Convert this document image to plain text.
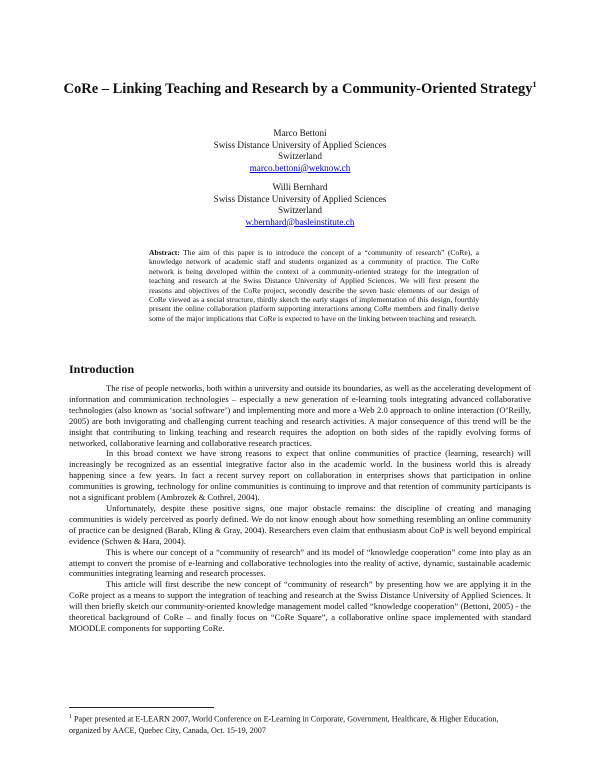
CoRe – Linking Teaching and Research by a Community-Oriented Strategy$^1$
Marco Bettoni
Swiss Distance University of Applied Sciences
Switzerland
marco.bettoni@weknow.ch
Willi Bernhard
Swiss Distance University of Applied Sciences
Switzerland
w.bernhard@basleinstitute.ch
Abstract: The aim of this paper is to introduce the concept of a “community of research” (CoRe), a knowledge network of academic staff and students organized as a community of practice. The CoRe network is being developed within the context of a community-oriented strategy for the integration of teaching and research at the Swiss Distance University of Applied Sciences. We will first present the reasons and objectives of the CoRe project, secondly describe the seven basic elements of our design of CoRe viewed as a social structure, thirdly sketch the early stages of implementation of this design, fourthly present the online collaboration platform supporting interactions among CoRe members and finally derive some of the major implications that CoRe is expected to have on the linking between teaching and research.
Introduction

The rise of people networks, both within a university and outside its boundaries, as well as the accelerating development of information and communication technologies – especially a new generation of e-learning tools integrating advanced collaborative technologies (also known as ‘social software’) and implementing more and more a Web 2.0 approach to online interaction (O’Reilly, 2005) are both invigorating and challenging current teaching and research activities. A major consequence of this trend will be the insight that contributing to linking teaching and research requires the adoption on both sides of the rapidly evolving forms of networked, collaborative learning and collaborative research practices.

In this broad context we have strong reasons to expect that online communities of practice (learning, research) will increasingly be recognized as an essential integrative factor also in the academic world. In the business world this is already happening since a few years. In fact a recent survey report on collaboration in enterprises shows that participation in online communities is growing, technology for online communities is continuing to improve and that retention of community participants is not a significant problem (Ambrozek & Cothrel, 2004).

Unfortunately, despite these positive signs, one major obstacle remains: the discipline of creating and managing communities is widely perceived as poorly defined. We do not know enough about how something resembling an online community of practice can be designed (Barab, Kling & Gray, 2004). Researchers even claim that enthusiasm about CoP is well beyond empirical evidence (Schwen & Hara, 2004).

This is where our concept of a “community of research” and its model of “knowledge cooperation” come into play as an attempt to convert the promise of e-learning and collaborative technologies into the reality of active, dynamic, sustainable academic communities integrating learning and research processes.

This article will first describe the new concept of “community of research” by presenting how we are applying it in the CoRe project as a means to support the integration of teaching and research at the Swiss Distance University of Applied Sciences. It will then briefly sketch our community-oriented knowledge management model called “knowledge cooperation” (Bettoni, 2005) - the theoretical background of CoRe – and finally focus on “CoRe Square”, a collaborative online space implemented with standard MOODLE components for supporting CoRe.

$^1$ Paper presented at E-LEARN 2007, World Conference on E-Learning in Corporate, Government, Healthcare, & Higher Education, organized by AACE, Quebec City, Canada, Oct. 15-19, 2007
